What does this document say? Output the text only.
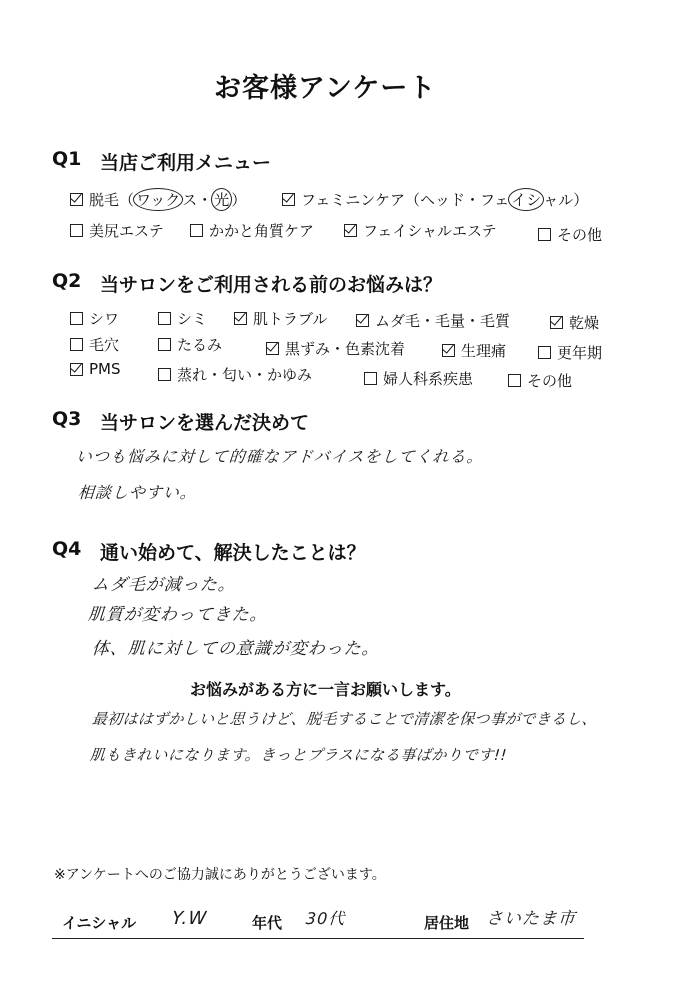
お客様アンケート
Q1 当店ご利用メニュー
脱毛（ ワック ス・ 光 ）	フェミニンケア（ヘッド・フェ イシ ャル）
美尻エステ	かかと角質ケア	フェイシャルエステ	その他
Q2 当サロンをご利用される前のお悩みは？
シワ	シミ	肌トラブル	ムダ毛・毛量・毛質	乾燥
毛穴	たるみ	黒ずみ・色素沈着	生理痛	更年期
PMS	蒸れ・匂い・かゆみ	婦人科系疾患	その他
Q3 当サロンを選んだ決めて
いつも悩みに対して的確なアドバイスをしてくれる。
相談しやすい。
Q4 通い始めて、解決したことは？
ムダ毛が減った。
肌質が変わってきた。
体、肌に対しての意識が変わった。
お悩みがある方に一言お願いします。
最初ははずかしいと思うけど、脱毛することで清潔を保つ事ができるし、
肌もきれいになります。きっとプラスになる事ばかりです!!
※アンケートへのご協力誠にありがとうございます。
イニシャル Y.W	年代 30代	居住地 さいたま市
